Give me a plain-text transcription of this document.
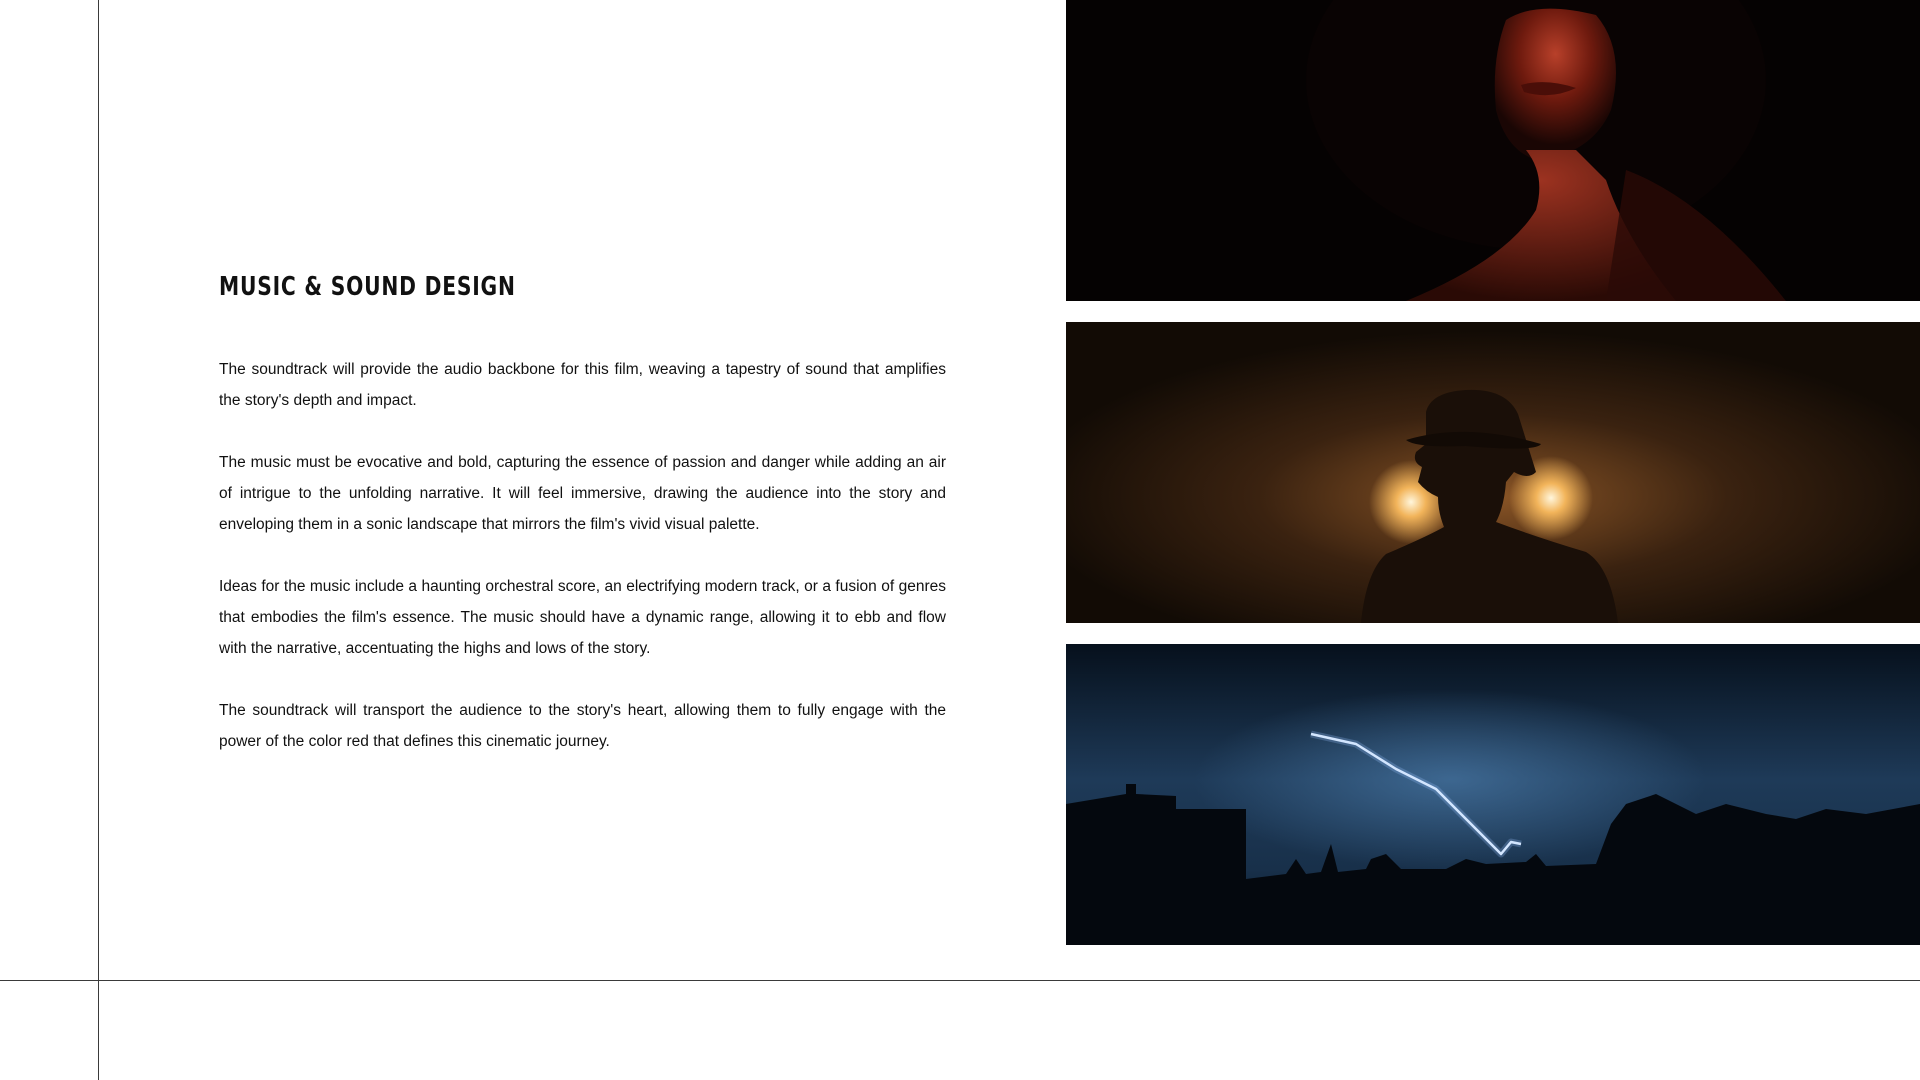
MUSIC & SOUND DESIGN

The soundtrack will provide the audio backbone for this film, weaving a tapestry of sound that amplifies the story's depth and impact.

The music must be evocative and bold, capturing the essence of passion and danger while adding an air of intrigue to the unfolding narrative. It will feel immersive, drawing the audience into the story and enveloping them in a sonic landscape that mirrors the film's vivid visual palette.

Ideas for the music include a haunting orchestral score, an electrifying modern track, or a fusion of genres that embodies the film's essence. The music should have a dynamic range, allowing it to ebb and flow with the narrative, accentuating the highs and lows of the story.

The soundtrack will transport the audience to the story's heart, allowing them to fully engage with the power of the color red that defines this cinematic journey.
